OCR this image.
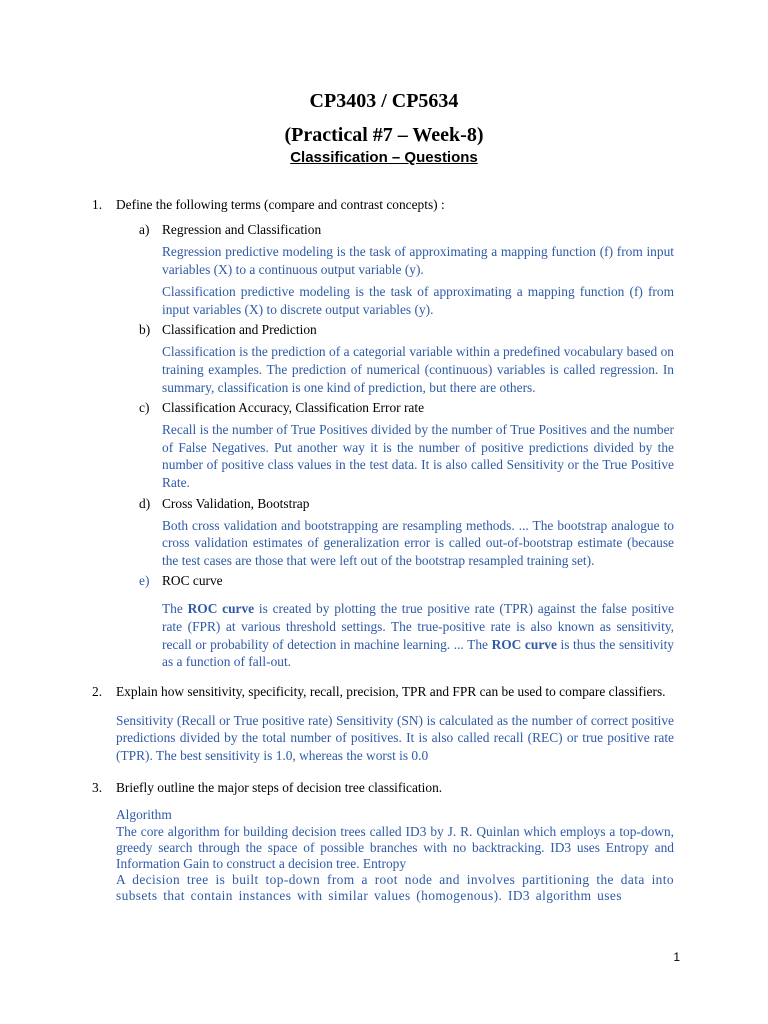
CP3403 / CP5634
(Practical #7 – Week-8)
Classification – Questions

1. Define the following terms (compare and contrast concepts) :

a) Regression and Classification

Regression predictive modeling is the task of approximating a mapping function (f) from input variables (X) to a continuous output variable (y).

Classification predictive modeling is the task of approximating a mapping function (f) from input variables (X) to discrete output variables (y).

b) Classification and Prediction

Classification is the prediction of a categorial variable within a predefined vocabulary based on training examples. The prediction of numerical (continuous) variables is called regression. In summary, classification is one kind of prediction, but there are others.

c) Classification Accuracy, Classification Error rate

Recall is the number of True Positives divided by the number of True Positives and the number of False Negatives. Put another way it is the number of positive predictions divided by the number of positive class values in the test data. It is also called Sensitivity or the True Positive Rate.

d) Cross Validation, Bootstrap

Both cross validation and bootstrapping are resampling methods. ... The bootstrap analogue to cross validation estimates of generalization error is called out-of-bootstrap estimate (because the test cases are those that were left out of the bootstrap resampled training set).

e) ROC curve

The ROC curve is created by plotting the true positive rate (TPR) against the false positive rate (FPR) at various threshold settings. The true-positive rate is also known as sensitivity, recall or probability of detection in machine learning. ... The ROC curve is thus the sensitivity as a function of fall-out.

2. Explain how sensitivity, specificity, recall, precision, TPR and FPR can be used to compare classifiers.

Sensitivity (Recall or True positive rate) Sensitivity (SN) is calculated as the number of correct positive predictions divided by the total number of positives. It is also called recall (REC) or true positive rate (TPR). The best sensitivity is 1.0, whereas the worst is 0.0

3. Briefly outline the major steps of decision tree classification.

Algorithm

The core algorithm for building decision trees called ID3 by J. R. Quinlan which employs a top-down, greedy search through the space of possible branches with no backtracking. ID3 uses Entropy and Information Gain to construct a decision tree. Entropy

A decision tree is built top-down from a root node and involves partitioning the data into subsets that contain instances with similar values (homogenous). ID3 algorithm uses

1
